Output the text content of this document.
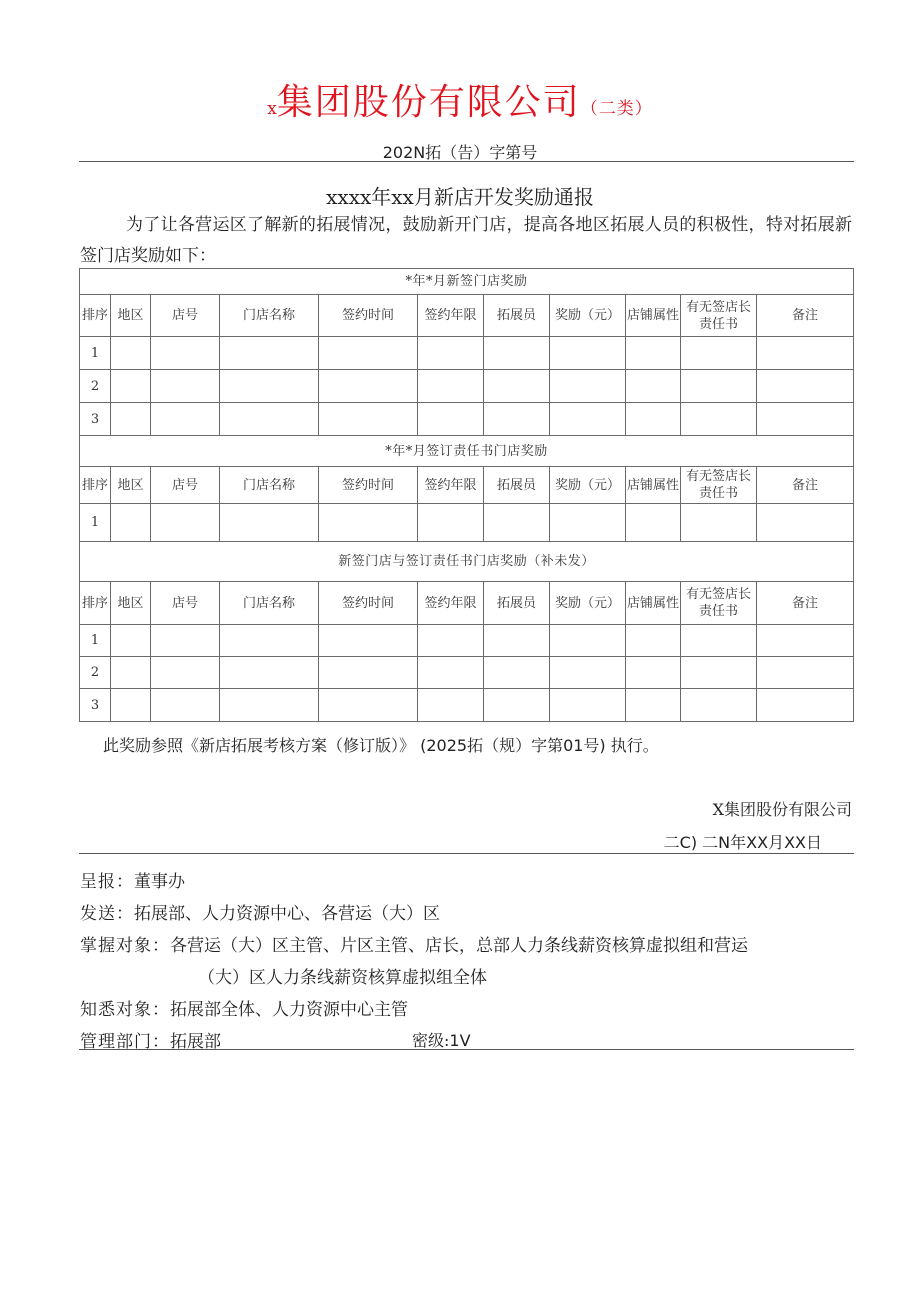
x集团股份有限公司（二类）
202N拓（告）字第号
xxxx年xx月新店开发奖励通报
为了让各营运区了解新的拓展情况，鼓励新开门店，提高各地区拓展人员的积极性，特对拓展新签门店奖励如下：
*年*月新签门店奖励										
排序	地区	店号	门店名称	签约时间	签约年限	拓展员	奖励（元）	店铺属性	有无签店长责任书	备注
1										
2										
3										
*年*月签订责任书门店奖励										
排序	地区	店号	门店名称	签约时间	签约年限	拓展员	奖励（元）	店铺属性	有无签店长责任书	备注
1										
新签门店与签订责任书门店奖励（补未发）										
排序	地区	店号	门店名称	签约时间	签约年限	拓展员	奖励（元）	店铺属性	有无签店长责任书	备注
1										
2										
3										
此奖励参照《新店拓展考核方案（修订版）》 (2025拓（规）字第01号) 执行。
X集团股份有限公司
二C) 二N年XX月XX日
呈报：董事办
发送：拓展部、人力资源中心、各营运（大）区
掌握对象：各营运（大）区主管、片区主管、店长，总部人力条线薪资核算虚拟组和营运
（大）区人力条线薪资核算虚拟组全体
知悉对象：拓展部全体、人力资源中心主管
管理部门：拓展部	密级:1V
